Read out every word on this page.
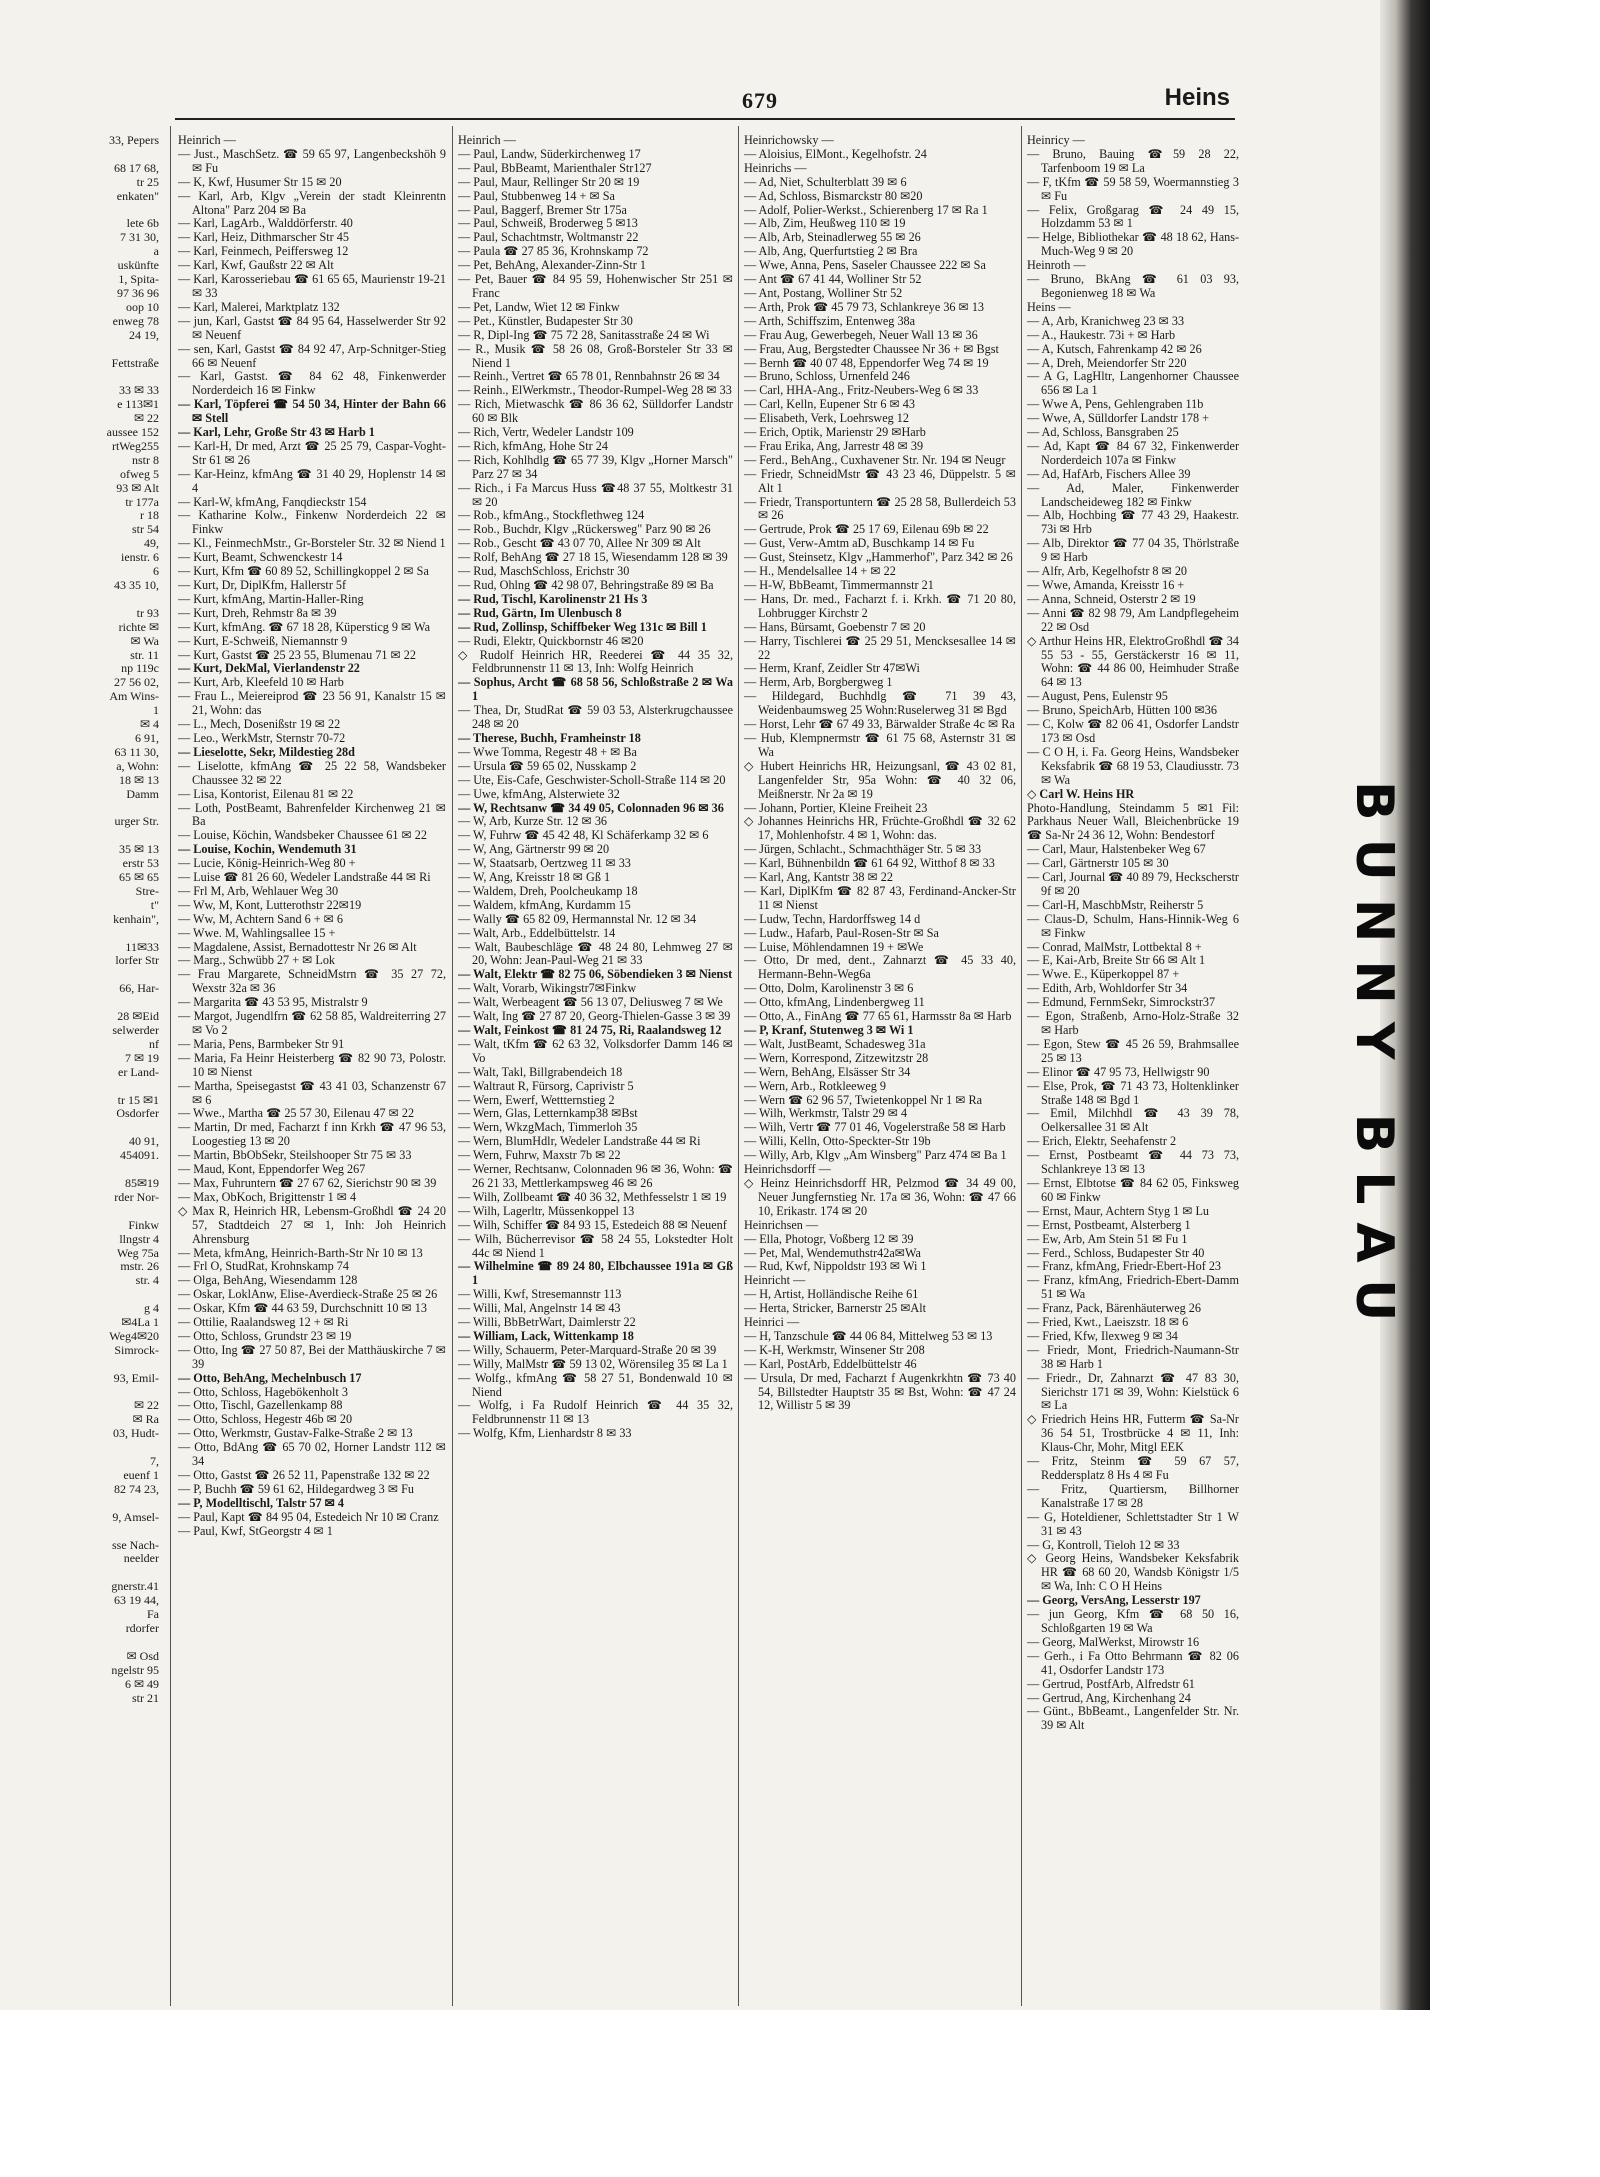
679	Heins

33, Pepers

68 17 68,

tr 25

enkaten"

lete 6b

7 31 30,

a

uskünfte

1, Spita-

97 36 96

oop 10

enweg 78

24 19,

Fettstraße

33 ✉ 33

e 113✉1

✉ 22

aussee 152

rtWeg255

nstr 8

ofweg 5

93 ✉ Alt

tr 177a

r 18

str 54

49,

ienstr. 6

6

43 35 10,

tr 93

richte ✉

✉ Wa

str. 11

np 119c

27 56 02,

Am Wins-

1

✉ 4

6 91,

63 11 30,

a, Wohn:

18 ✉ 13

Damm

urger Str.

35 ✉ 13

erstr 53

65 ✉ 65

Stre-

t"

kenhain",

11✉33

lorfer Str

66, Har-

28 ✉Eid

selwerder

nf

7 ✉ 19

er Land-

tr 15 ✉1

Osdorfer

40 91,

454091.

85✉19

rder Nor-

Finkw

llngstr 4

Weg 75a

mstr. 26

str. 4

g 4

✉4La 1

Weg4✉20

Simrock-

93, Emil-

✉ 22

✉ Ra

03, Hudt-

7,

euenf 1

82 74 23,

9, Amsel-

sse Nach-

neelder

gnerstr.41

63 19 44,

Fa

rdorfer

✉ Osd

ngelstr 95

6 ✉ 49

str 21

Heinrich —

— Just., MaschSetz. ☎ 59 65 97, Langenbeckshöh 9 ✉ Fu

— K, Kwf, Husumer Str 15 ✉ 20

— Karl, Arb, Klgv „Verein der stadt Kleinrentn Altona" Parz 204 ✉ Ba

— Karl, LagArb., Walddörferstr. 40

— Karl, Heiz, Dithmarscher Str 45

— Karl, Feinmech, Peiffersweg 12

— Karl, Kwf, Gaußstr 22 ✉ Alt

— Karl, Karosseriebau ☎ 61 65 65, Maurienstr 19-21 ✉ 33

— Karl, Malerei, Marktplatz 132

— jun, Karl, Gastst ☎ 84 95 64, Hasselwerder Str 92 ✉ Neuenf

— sen, Karl, Gastst ☎ 84 92 47, Arp-Schnitger-Stieg 66 ✉ Neuenf

— Karl, Gastst. ☎ 84 62 48, Finkenwerder Norderdeich 16 ✉ Finkw

— Karl, Töpferei ☎ 54 50 34, Hinter der Bahn 66 ✉ Stell

— Karl, Lehr, Große Str 43 ✉ Harb 1

— Karl-H, Dr med, Arzt ☎ 25 25 79, Caspar-Voght-Str 61 ✉ 26

— Kar-Heinz, kfmAng ☎ 31 40 29, Hoplenstr 14 ✉ 4

— Karl-W, kfmAng, Fanqdieckstr 154

— Katharine Kolw., Finkenw Norderdeich 22 ✉ Finkw

— Kl., FeinmechMstr., Gr-Borsteler Str. 32 ✉ Niend 1

— Kurt, Beamt, Schwenckestr 14

— Kurt, Kfm ☎ 60 89 52, Schillingkoppel 2 ✉ Sa

— Kurt, Dr, DiplKfm, Hallerstr 5f

— Kurt, kfmAng, Martin-Haller-Ring

— Kurt, Dreh, Rehmstr 8a ✉ 39

— Kurt, kfmAng. ☎ 67 18 28, Küpersticg 9 ✉ Wa

— Kurt, E-Schweiß, Niemannstr 9

— Kurt, Gastst ☎ 25 23 55, Blumenau 71 ✉ 22

— Kurt, DekMal, Vierlandenstr 22

— Kurt, Arb, Kleefeld 10 ✉ Harb

— Frau L., Meiereiprod ☎ 23 56 91, Kanalstr 15 ✉ 21, Wohn: das

— L., Mech, Dosenißstr 19 ✉ 22

— Leo., WerkMstr, Sternstr 70-72

— Lieselotte, Sekr, Mildestieg 28d

— Liselotte, kfmAng ☎ 25 22 58, Wandsbeker Chaussee 32 ✉ 22

— Lisa, Kontorist, Eilenau 81 ✉ 22

— Loth, PostBeamt, Bahrenfelder Kirchenweg 21 ✉ Ba

— Louise, Köchin, Wandsbeker Chaussee 61 ✉ 22

— Louise, Kochin, Wendemuth 31

— Lucie, König-Heinrich-Weg 80 +

— Luise ☎ 81 26 60, Wedeler Landstraße 44 ✉ Ri

— Frl M, Arb, Wehlauer Weg 30

— Ww, M, Kont, Lutterothstr 22✉19

— Ww, M, Achtern Sand 6 + ✉ 6

— Wwe. M, Wahlingsallee 15 +

— Magdalene, Assist, Bernadottestr Nr 26 ✉ Alt

— Marg., Schwübb 27 + ✉ Lok

— Frau Margarete, SchneidMstrn ☎ 35 27 72, Wexstr 32a ✉ 36

— Margarita ☎ 43 53 95, Mistralstr 9

— Margot, Jugendlfrn ☎ 62 58 85, Waldreiterring 27 ✉ Vo 2

— Maria, Pens, Barmbeker Str 91

— Maria, Fa Heinr Heisterberg ☎ 82 90 73, Polostr. 10 ✉ Nienst

— Martha, Speisegastst ☎ 43 41 03, Schanzenstr 67 ✉ 6

— Wwe., Martha ☎ 25 57 30, Eilenau 47 ✉ 22

— Martin, Dr med, Facharzt f inn Krkh ☎ 47 96 53, Loogestieg 13 ✉ 20

— Martin, BbObSekr, Steilshooper Str 75 ✉ 33

— Maud, Kont, Eppendorfer Weg 267

— Max, Fuhruntern ☎ 27 67 62, Sierichstr 90 ✉ 39

— Max, ObKoch, Brigittenstr 1 ✉ 4

◇ Max R, Heinrich HR, Lebensm-Großhdl ☎ 24 20 57, Stadtdeich 27 ✉ 1, Inh: Joh Heinrich Ahrensburg

— Meta, kfmAng, Heinrich-Barth-Str Nr 10 ✉ 13

— Frl O, StudRat, Krohnskamp 74

— Olga, BehAng, Wiesendamm 128

— Oskar, LoklAnw, Elise-Averdieck-Straße 25 ✉ 26

— Oskar, Kfm ☎ 44 63 59, Durchschnitt 10 ✉ 13

— Ottilie, Raalandsweg 12 + ✉ Ri

— Otto, Schloss, Grundstr 23 ✉ 19

— Otto, Ing ☎ 27 50 87, Bei der Matthäuskirche 7 ✉ 39

— Otto, BehAng, Mechelnbusch 17

— Otto, Schloss, Hagebökenholt 3

— Otto, Tischl, Gazellenkamp 88

— Otto, Schloss, Hegestr 46b ✉ 20

— Otto, Werkmstr, Gustav-Falke-Straße 2 ✉ 13

— Otto, BdAng ☎ 65 70 02, Horner Landstr 112 ✉ 34

— Otto, Gastst ☎ 26 52 11, Papenstraße 132 ✉ 22

— P, Buchh ☎ 59 61 62, Hildegardweg 3 ✉ Fu

— P, Modelltischl, Talstr 57 ✉ 4

— Paul, Kapt ☎ 84 95 04, Estedeich Nr 10 ✉ Cranz

— Paul, Kwf, StGeorgstr 4 ✉ 1

Heinrich —

— Paul, Landw, Süderkirchenweg 17

— Paul, BbBeamt, Marienthaler Str127

— Paul, Maur, Rellinger Str 20 ✉ 19

— Paul, Stubbenweg 14 + ✉ Sa

— Paul, Baggerf, Bremer Str 175a

— Paul, Schweiß, Broderweg 5 ✉13

— Paul, Schachtmstr, Woltmanstr 22

— Paula ☎ 27 85 36, Krohnskamp 72

— Pet, BehAng, Alexander-Zinn-Str 1

— Pet, Bauer ☎ 84 95 59, Hohenwischer Str 251 ✉ Franc

— Pet, Landw, Wiet 12 ✉ Finkw

— Pet., Künstler, Budapester Str 30

— R, Dipl-Ing ☎ 75 72 28, Sanitasstraße 24 ✉ Wi

— R., Musik ☎ 58 26 08, Groß-Borsteler Str 33 ✉ Niend 1

— Reinh., Vertret ☎ 65 78 01, Rennbahnstr 26 ✉ 34

— Reinh., ElWerkmstr., Theodor-Rumpel-Weg 28 ✉ 33

— Rich, Mietwaschk ☎ 86 36 62, Sülldorfer Landstr 60 ✉ Blk

— Rich, Vertr, Wedeler Landstr 109

— Rich, kfmAng, Hohe Str 24

— Rich, Kohlhdlg ☎ 65 77 39, Klgv „Horner Marsch" Parz 27 ✉ 34

— Rich., i Fa Marcus Huss ☎48 37 55, Moltkestr 31 ✉ 20

— Rob., kfmAng., Stockflethweg 124

— Rob., Buchdr, Klgv „Rückersweg" Parz 90 ✉ 26

— Rob., Gescht ☎ 43 07 70, Allee Nr 309 ✉ Alt

— Rolf, BehAng ☎ 27 18 15, Wiesendamm 128 ✉ 39

— Rud, MaschSchloss, Erichstr 30

— Rud, Ohlng ☎ 42 98 07, Behringstraße 89 ✉ Ba

— Rud, Tischl, Karolinenstr 21 Hs 3

— Rud, Gärtn, Im Ulenbusch 8

— Rud, Zollinsp, Schiffbeker Weg 131c ✉ Bill 1

— Rudi, Elektr, Quickbornstr 46 ✉20

◇ Rudolf Heinrich HR, Reederei ☎ 44 35 32, Feldbrunnenstr 11 ✉ 13, Inh: Wolfg Heinrich

— Sophus, Archt ☎ 68 58 56, Schloßstraße 2 ✉ Wa 1

— Thea, Dr, StudRat ☎ 59 03 53, Alsterkrugchaussee 248 ✉ 20

— Therese, Buchh, Framheinstr 18

— Wwe Tomma, Regestr 48 + ✉ Ba

— Ursula ☎ 59 65 02, Nusskamp 2

— Ute, Eis-Cafe, Geschwister-Scholl-Straße 114 ✉ 20

— Uwe, kfmAng, Alsterwiete 32

— W, Rechtsanw ☎ 34 49 05, Colonnaden 96 ✉ 36

— W, Arb, Kurze Str. 12 ✉ 36

— W, Fuhrw ☎ 45 42 48, Kl Schäferkamp 32 ✉ 6

— W, Ang, Gärtnerstr 99 ✉ 20

— W, Staatsarb, Oertzweg 11 ✉ 33

— W, Ang, Kreisstr 18 ✉ Gß 1

— Waldem, Dreh, Poolcheukamp 18

— Waldem, kfmAng, Kurdamm 15

— Wally ☎ 65 82 09, Hermannstal Nr. 12 ✉ 34

— Walt, Arb., Eddelbüttelstr. 14

— Walt, Baubeschläge ☎ 48 24 80, Lehmweg 27 ✉ 20, Wohn: Jean-Paul-Weg 21 ✉ 33

— Walt, Elektr ☎ 82 75 06, Söbendieken 3 ✉ Nienst

— Walt, Vorarb, Wikingstr7✉Finkw

— Walt, Werbeagent ☎ 56 13 07, Deliusweg 7 ✉ We

— Walt, Ing ☎ 27 87 20, Georg-Thielen-Gasse 3 ✉ 39

— Walt, Feinkost ☎ 81 24 75, Ri, Raalandsweg 12

— Walt, tKfm ☎ 62 63 32, Volksdorfer Damm 146 ✉ Vo

— Walt, Takl, Billgrabendeich 18

— Waltraut R, Fürsorg, Caprivistr 5

— Wern, Ewerf, Wettternstieg 2

— Wern, Glas, Letternkamp38 ✉Bst

— Wern, WkzgMach, Timmerloh 35

— Wern, BlumHdlr, Wedeler Landstraße 44 ✉ Ri

— Wern, Fuhrw, Maxstr 7b ✉ 22

— Werner, Rechtsanw, Colonnaden 96 ✉ 36, Wohn: ☎ 26 21 33, Mettlerkampsweg 46 ✉ 26

— Wilh, Zollbeamt ☎ 40 36 32, Methfesselstr 1 ✉ 19

— Wilh, Lagerltr, Müssenkoppel 13

— Wilh, Schiffer ☎ 84 93 15, Estedeich 88 ✉ Neuenf

— Wilh, Bücherrevisor ☎ 58 24 55, Lokstedter Holt 44c ✉ Niend 1

— Wilhelmine ☎ 89 24 80, Elbchaussee 191a ✉ Gß 1

— Willi, Kwf, Stresemannstr 113

— Willi, Mal, Angelnstr 14 ✉ 43

— Willi, BbBetrWart, Daimlerstr 22

— William, Lack, Wittenkamp 18

— Willy, Schauerm, Peter-Marquard-Straße 20 ✉ 39

— Willy, MalMstr ☎ 59 13 02, Wörensileg 35 ✉ La 1

— Wolfg., kfmAng ☎ 58 27 51, Bondenwald 10 ✉ Niend

— Wolfg, i Fa Rudolf Heinrich ☎ 44 35 32, Feldbrunnenstr 11 ✉ 13

— Wolfg, Kfm, Lienhardstr 8 ✉ 33

Heinrichowsky —

— Aloisius, ElMont., Kegelhofstr. 24

Heinrichs —

— Ad, Niet, Schulterblatt 39 ✉ 6

— Ad, Schloss, Bismarckstr 80 ✉20

— Adolf, Polier-Werkst., Schierenberg 17 ✉ Ra 1

— Alb, Zim, Heußweg 110 ✉ 19

— Alb, Arb, Steinadlerweg 55 ✉ 26

— Alb, Ang, Querfurtstieg 2 ✉ Bra

— Wwe, Anna, Pens, Saseler Chaussee 222 ✉ Sa

— Ant ☎ 67 41 44, Wolliner Str 52

— Ant, Postang, Wolliner Str 52

— Arth, Prok ☎ 45 79 73, Schlankreye 36 ✉ 13

— Arth, Schiffszim, Entenweg 38a

— Frau Aug, Gewerbegeh, Neuer Wall 13 ✉ 36

— Frau, Aug, Bergstedter Chaussee Nr 36 + ✉ Bgst

— Bernh ☎ 40 07 48, Eppendorfer Weg 74 ✉ 19

— Bruno, Schloss, Urnenfeld 246

— Carl, HHA-Ang., Fritz-Neubers-Weg 6 ✉ 33

— Carl, Kelln, Eupener Str 6 ✉ 43

— Elisabeth, Verk, Loehrsweg 12

— Erich, Optik, Marienstr 29 ✉Harb

— Frau Erika, Ang, Jarrestr 48 ✉ 39

— Ferd., BehAng., Cuxhavener Str. Nr. 194 ✉ Neugr

— Friedr, SchneidMstr ☎ 43 23 46, Düppelstr. 5 ✉ Alt 1

— Friedr, Transportuntern ☎ 25 28 58, Bullerdeich 53 ✉ 26

— Gertrude, Prok ☎ 25 17 69, Eilenau 69b ✉ 22

— Gust, Verw-Amtm aD, Buschkamp 14 ✉ Fu

— Gust, Steinsetz, Klgv „Hammerhof", Parz 342 ✉ 26

— H., Mendelsallee 14 + ✉ 22

— H-W, BbBeamt, Timmermannstr 21

— Hans, Dr. med., Facharzt f. i. Krkh. ☎ 71 20 80, Lohbrugger Kirchstr 2

— Hans, Bürsamt, Goebenstr 7 ✉ 20

— Harry, Tischlerei ☎ 25 29 51, Mencksesallee 14 ✉ 22

— Herm, Kranf, Zeidler Str 47✉Wi

— Herm, Arb, Borgbergweg 1

— Hildegard, Buchhdlg ☎ 71 39 43, Weidenbaumsweg 25 Wohn:Ruselerweg 31 ✉ Bgd

— Horst, Lehr ☎ 67 49 33, Bärwalder Straße 4c ✉ Ra

— Hub, Klempnermstr ☎ 61 75 68, Asternstr 31 ✉ Wa

◇ Hubert Heinrichs HR, Heizungsanl, ☎ 43 02 81, Langenfelder Str, 95a Wohn: ☎ 40 32 06, Meißnerstr. Nr 2a ✉ 19

— Johann, Portier, Kleine Freiheit 23

◇ Johannes Heinrichs HR, Früchte-Großhdl ☎ 32 62 17, Mohlenhofstr. 4 ✉ 1, Wohn: das.

— Jürgen, Schlacht., Schmachthäger Str. 5 ✉ 33

— Karl, Bühnenbildn ☎ 61 64 92, Witthof 8 ✉ 33

— Karl, Ang, Kantstr 38 ✉ 22

— Karl, DiplKfm ☎ 82 87 43, Ferdinand-Ancker-Str 11 ✉ Nienst

— Ludw, Techn, Hardorffsweg 14 d

— Ludw., Hafarb, Paul-Rosen-Str ✉ Sa

— Luise, Möhlendamnen 19 + ✉We

— Otto, Dr med, dent., Zahnarzt ☎ 45 33 40, Hermann-Behn-Weg6a

— Otto, Dolm, Karolinenstr 3 ✉ 6

— Otto, kfmAng, Lindenbergweg 11

— Otto, A., FinAng ☎ 77 65 61, Harmsstr 8a ✉ Harb

— P, Kranf, Stutenweg 3 ✉ Wi 1

— Walt, JustBeamt, Schadesweg 31a

— Wern, Korrespond, Zitzewitzstr 28

— Wern, BehAng, Elsässer Str 34

— Wern, Arb., Rotkleeweg 9

— Wern ☎ 62 96 57, Twietenkoppel Nr 1 ✉ Ra

— Wilh, Werkmstr, Talstr 29 ✉ 4

— Wilh, Vertr ☎ 77 01 46, Vogelerstraße 58 ✉ Harb

— Willi, Kelln, Otto-Speckter-Str 19b

— Willy, Arb, Klgv „Am Winsberg" Parz 474 ✉ Ba 1

Heinrichsdorff —

◇ Heinz Heinrichsdorff HR, Pelzmod ☎ 34 49 00, Neuer Jungfernstieg Nr. 17a ✉ 36, Wohn: ☎ 47 66 10, Erikastr. 174 ✉ 20

Heinrichsen —

— Ella, Photogr, Voßberg 12 ✉ 39

— Pet, Mal, Wendemuthstr42a✉Wa

— Rud, Kwf, Nippoldstr 193 ✉ Wi 1

Heinricht —

— H, Artist, Holländische Reihe 61

— Herta, Stricker, Barnerstr 25 ✉Alt

Heinrici —

— H, Tanzschule ☎ 44 06 84, Mittelweg 53 ✉ 13

— K-H, Werkmstr, Winsener Str 208

— Karl, PostArb, Eddelbüttelstr 46

— Ursula, Dr med, Facharzt f Augenkrkhtn ☎ 73 40 54, Billstedter Hauptstr 35 ✉ Bst, Wohn: ☎ 47 24 12, Willistr 5 ✉ 39

Heinricy —

— Bruno, Bauing ☎59 28 22, Tarfenboom 19 ✉ La

— F, tKfm ☎ 59 58 59, Woermannstieg 3 ✉ Fu

— Felix, Großgarag ☎ 24 49 15, Holzdamm 53 ✉ 1

— Helge, Bibliothekar ☎ 48 18 62, Hans-Much-Weg 9 ✉ 20

Heinroth —

— Bruno, BkAng ☎ 61 03 93, Begonienweg 18 ✉ Wa

Heins —

— A, Arb, Kranichweg 23 ✉ 33

— A., Haukestr. 73i + ✉ Harb

— A, Kutsch, Fahrenkamp 42 ✉ 26

— A, Dreh, Meiendorfer Str 220

— A G, LagHltr, Langenhorner Chaussee 656 ✉ La 1

— Wwe A, Pens, Gehlengraben 11b

— Wwe, A, Sülldorfer Landstr 178 +

— Ad, Schloss, Bansgraben 25

— Ad, Kapt ☎ 84 67 32, Finkenwerder Norderdeich 107a ✉ Finkw

— Ad, HafArb, Fischers Allee 39

— Ad, Maler, Finkenwerder Landscheideweg 182 ✉ Finkw

— Alb, Hochbing ☎ 77 43 29, Haakestr. 73i ✉ Hrb

— Alb, Direktor ☎ 77 04 35, Thörlstraße 9 ✉ Harb

— Alfr, Arb, Kegelhofstr 8 ✉ 20

— Wwe, Amanda, Kreisstr 16 +

— Anna, Schneid, Osterstr 2 ✉ 19

— Anni ☎ 82 98 79, Am Landpflegeheim 22 ✉ Osd

◇ Arthur Heins HR, ElektroGroßhdl ☎ 34 55 53 - 55, Gerstäckerstr 16 ✉ 11, Wohn: ☎ 44 86 00, Heimhuder Straße 64 ✉ 13

— August, Pens, Eulenstr 95

— Bruno, SpeichArb, Hütten 100 ✉36

— C, Kolw ☎ 82 06 41, Osdorfer Landstr 173 ✉ Osd

— C O H, i. Fa. Georg Heins, Wandsbeker Keksfabrik ☎ 68 19 53, Claudiusstr. 73 ✉ Wa

◇ Carl W. Heins HR

Photo-Handlung, Steindamm 5 ✉1 Fil: Parkhaus Neuer Wall, Bleichenbrücke 19 ☎ Sa-Nr 24 36 12, Wohn: Bendestorf

— Carl, Maur, Halstenbeker Weg 67

— Carl, Gärtnerstr 105 ✉ 30

— Carl, Journal ☎ 40 89 79, Heckscherstr 9f ✉ 20

— Carl-H, MaschbMstr, Reiherstr 5

— Claus-D, Schulm, Hans-Hinnik-Weg 6 ✉ Finkw

— Conrad, MalMstr, Lottbektal 8 +

— E, Kai-Arb, Breite Str 66 ✉ Alt 1

— Wwe. E., Küperkoppel 87 +

— Edith, Arb, Wohldorfer Str 34

— Edmund, FernmSekr, Simrockstr37

— Egon, Straßenb, Arno-Holz-Straße 32 ✉ Harb

— Egon, Stew ☎ 45 26 59, Brahmsallee 25 ✉ 13

— Elinor ☎ 47 95 73, Hellwigstr 90

— Else, Prok, ☎ 71 43 73, Holtenklinker Straße 148 ✉ Bgd 1

— Emil, Milchhdl ☎ 43 39 78, Oelkersallee 31 ✉ Alt

— Erich, Elektr, Seehafenstr 2

— Ernst, Postbeamt ☎ 44 73 73, Schlankreye 13 ✉ 13

— Ernst, Elbtotse ☎ 84 62 05, Finksweg 60 ✉ Finkw

— Ernst, Maur, Achtern Styg 1 ✉ Lu

— Ernst, Postbeamt, Alsterberg 1

— Ew, Arb, Am Stein 51 ✉ Fu 1

— Ferd., Schloss, Budapester Str 40

— Franz, kfmAng, Friedr-Ebert-Hof 23

— Franz, kfmAng, Friedrich-Ebert-Damm 51 ✉ Wa

— Franz, Pack, Bärenhäuterweg 26

— Fried, Kwt., Laeiszstr. 18 ✉ 6

— Fried, Kfw, Ilexweg 9 ✉ 34

— Friedr, Mont, Friedrich-Naumann-Str 38 ✉ Harb 1

— Friedr., Dr, Zahnarzt ☎ 47 83 30, Sierichstr 171 ✉ 39, Wohn: Kielstück 6 ✉ La

◇ Friedrich Heins HR, Futterm ☎ Sa-Nr 36 54 51, Trostbrücke 4 ✉ 11, Inh: Klaus-Chr, Mohr, Mitgl EEK

— Fritz, Steinm ☎ 59 67 57, Reddersplatz 8 Hs 4 ✉ Fu

— Fritz, Quartiersm, Billhorner Kanalstraße 17 ✉ 28

— G, Hoteldiener, Schlettstadter Str 1 W 31 ✉ 43

— G, Kontroll, Tieloh 12 ✉ 33

◇ Georg Heins, Wandsbeker Keksfabrik HR ☎ 68 60 20, Wandsb Königstr 1/5 ✉ Wa, Inh: C O H Heins

— Georg, VersAng, Lesserstr 197

— jun Georg, Kfm ☎ 68 50 16, Schloßgarten 19 ✉ Wa

— Georg, MalWerkst, Mirowstr 16

— Gerh., i Fa Otto Behrmann ☎ 82 06 41, Osdorfer Landstr 173

— Gertrud, PostfArb, Alfredstr 61

— Gertrud, Ang, Kirchenhang 24

— Günt., BbBeamt., Langenfelder Str. Nr. 39 ✉ Alt

BUNNY BLAU
